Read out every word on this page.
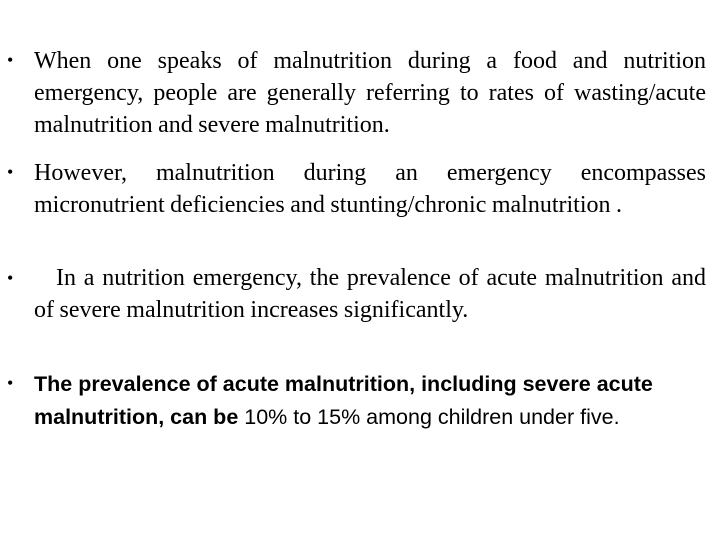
• When one speaks of malnutrition during a food and nutrition emergency, people are generally referring to rates of wasting/acute malnutrition and severe malnutrition.
• However, malnutrition during an emergency encompasses micronutrient deficiencies and stunting/chronic malnutrition .
•	In a nutrition emergency, the prevalence of acute malnutrition and of severe malnutrition increases significantly.
• The prevalence of acute malnutrition, including severe acute malnutrition, can be 10% to 15% among children under five.
